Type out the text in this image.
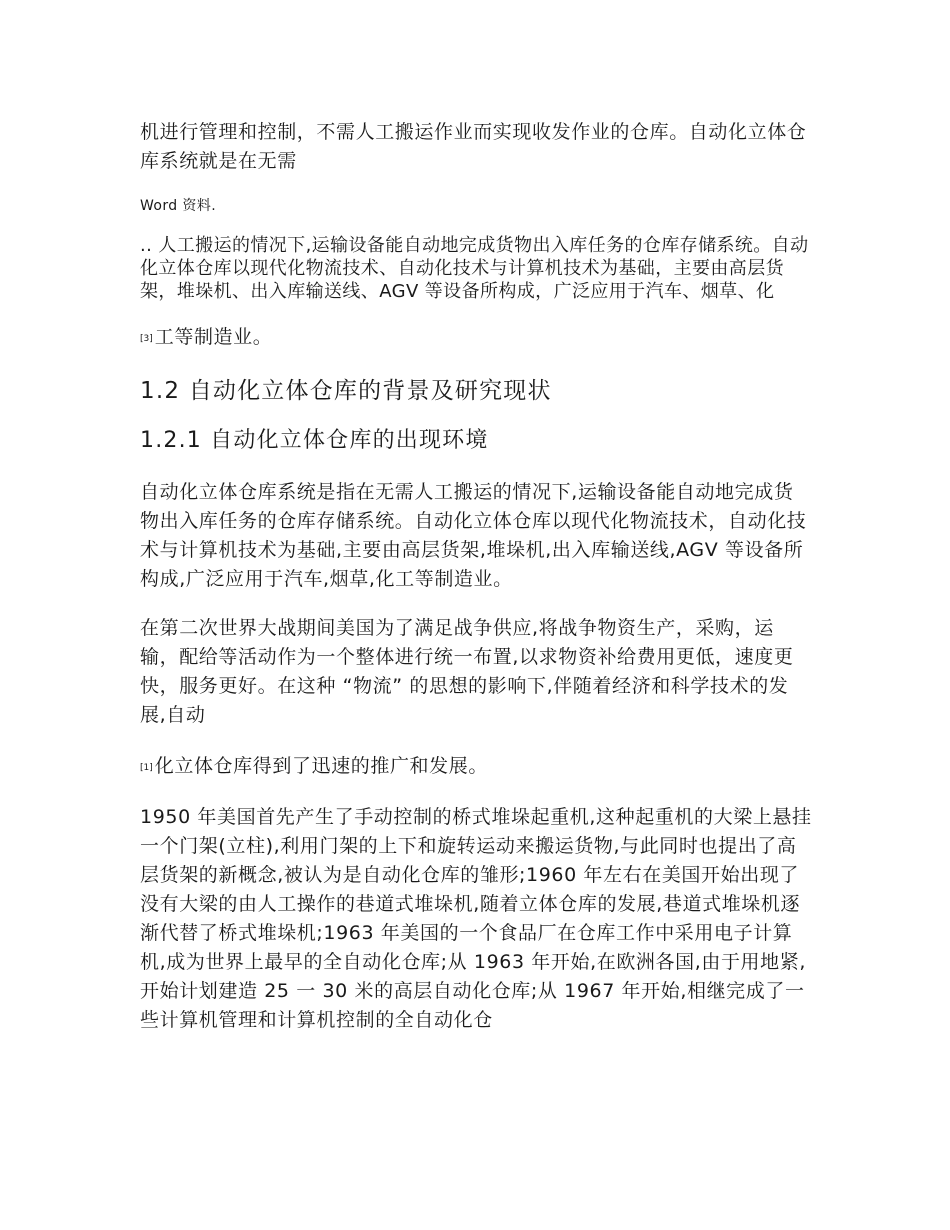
机进行管理和控制，不需人工搬运作业而实现收发作业的仓库。自动化立体仓库系统就是在无需

Word 资料.

.. 人工搬运的情况下,运输设备能自动地完成货物出入库任务的仓库存储系统。自动化立体仓库以现代化物流技术、自动化技术与计算机技术为基础，主要由高层货架，堆垛机、出入库输送线、AGV 等设备所构成，广泛应用于汽车、烟草、化

[3] 工等制造业。

1.2 自动化立体仓库的背景及研究现状
1.2.1 自动化立体仓库的出现环境

自动化立体仓库系统是指在无需人工搬运的情况下,运输设备能自动地完成货物出入库任务的仓库存储系统。自动化立体仓库以现代化物流技术，自动化技术与计算机技术为基础,主要由高层货架,堆垛机,出入库输送线,AGV 等设备所构成,广泛应用于汽车,烟草,化工等制造业。

在第二次世界大战期间美国为了满足战争供应,将战争物资生产，采购，运输，配给等活动作为一个整体进行统一布置,以求物资补给费用更低，速度更快，服务更好。在这种 “物流” 的思想的影响下,伴随着经济和科学技术的发展,自动

[1] 化立体仓库得到了迅速的推广和发展。

1950 年美国首先产生了手动控制的桥式堆垛起重机,这种起重机的大梁上悬挂一个门架(立柱),利用门架的上下和旋转运动来搬运货物,与此同时也提出了高层货架的新概念,被认为是自动化仓库的雏形;1960 年左右在美国开始出现了没有大梁的由人工操作的巷道式堆垛机,随着立体仓库的发展,巷道式堆垛机逐渐代替了桥式堆垛机;1963 年美国的一个食品厂在仓库工作中采用电子计算机,成为世界上最早的全自动化仓库;从 1963 年开始,在欧洲各国,由于用地紧,开始计划建造 25 一 30 米的高层自动化仓库;从 1967 年开始,相继完成了一些计算机管理和计算机控制的全自动化仓
